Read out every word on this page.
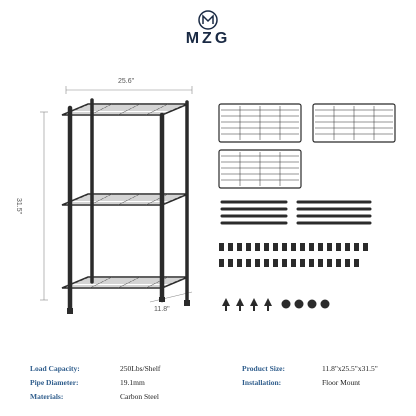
MZG
25.6"
31.5"
11.8"
Load Capacity:	250Lbs/Shelf
Pipe Diameter:	19.1mm
Materials:	Carbon Steel
Product Size:	11.8"x25.5"x31.5"
Installation:	Floor Mount
